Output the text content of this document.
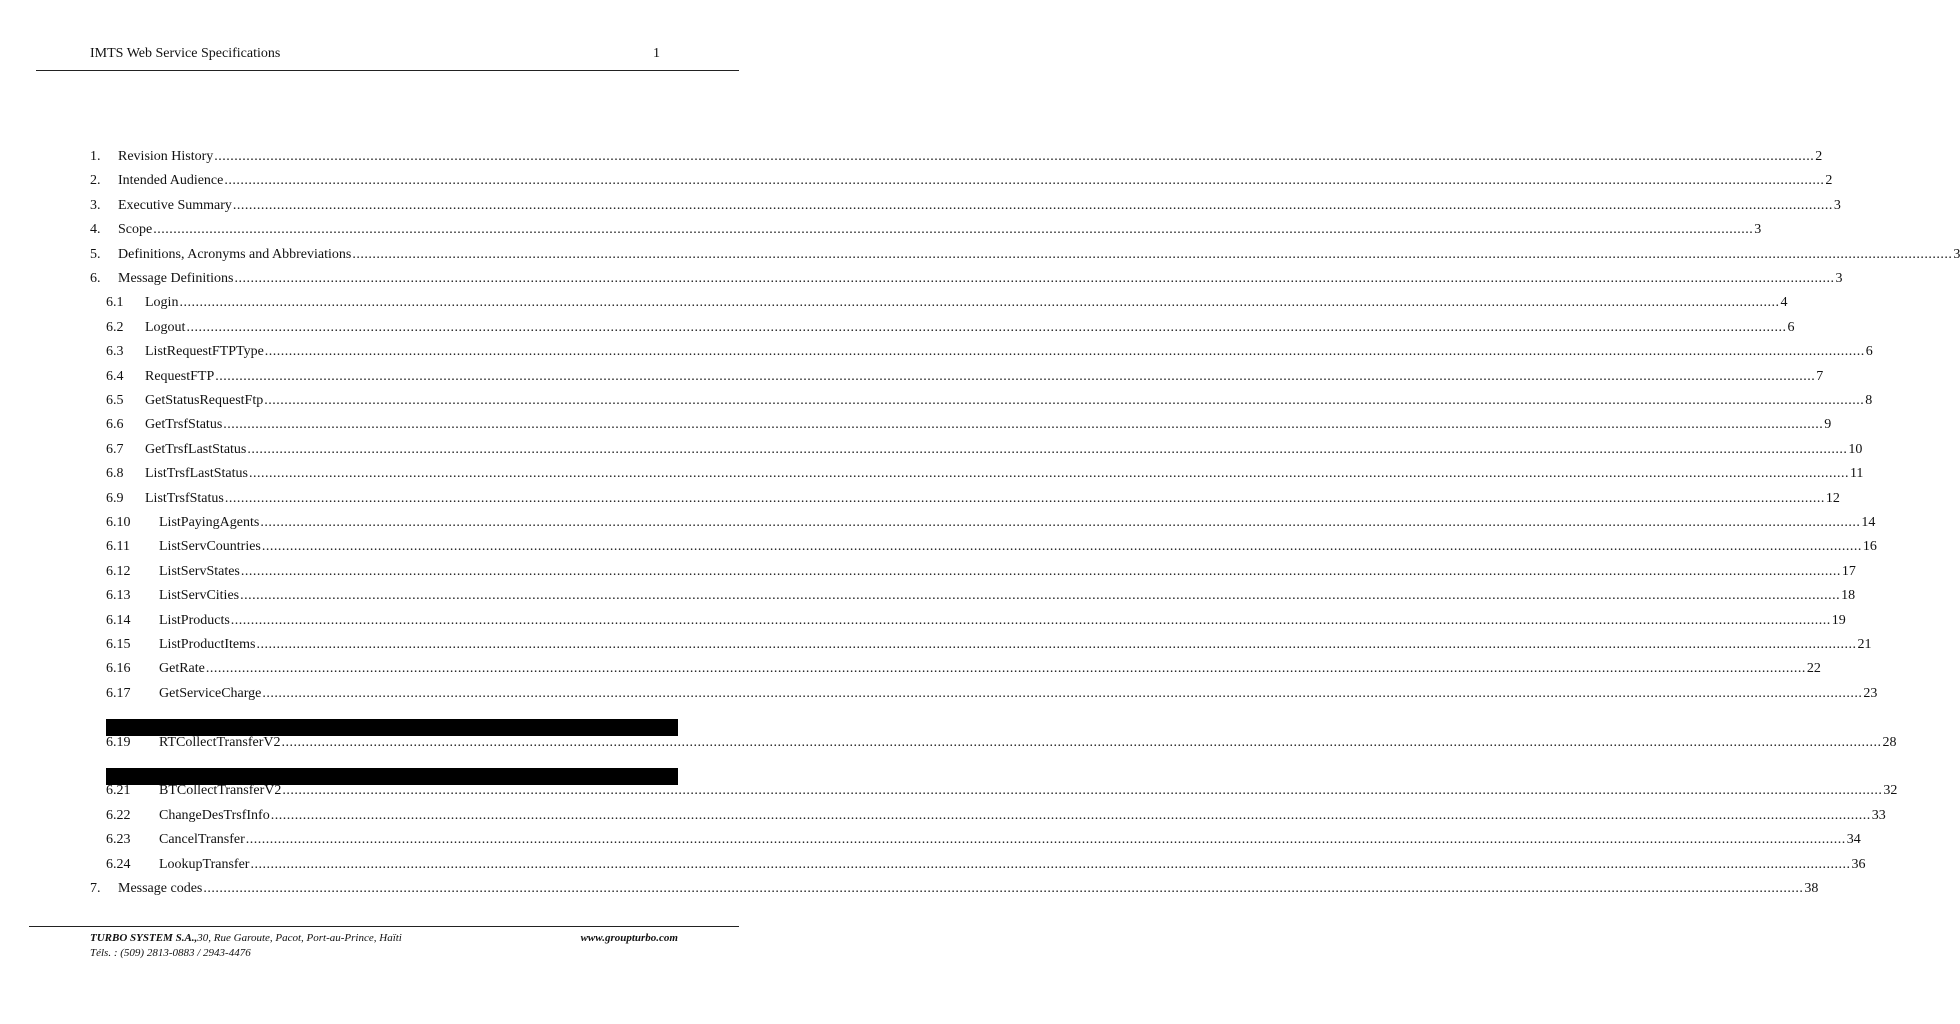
IMTS Web Service Specifications	1
1. Revision History ................................................................................................................................................................................................................................................................................................................................................................................................................ 2
2. Intended Audience ................................................................................................................................................................................................................................................................................................................................................................................................................ 2
3. Executive Summary ................................................................................................................................................................................................................................................................................................................................................................................................................ 3
4. Scope ................................................................................................................................................................................................................................................................................................................................................................................................................ 3
5. Definitions, Acronyms and Abbreviations ................................................................................................................................................................................................................................................................................................................................................................................................................ 3
6. Message Definitions ................................................................................................................................................................................................................................................................................................................................................................................................................ 3
6.1 Login ................................................................................................................................................................................................................................................................................................................................................................................................................ 4
6.2 Logout ................................................................................................................................................................................................................................................................................................................................................................................................................ 6
6.3 ListRequestFTPType ................................................................................................................................................................................................................................................................................................................................................................................................................ 6
6.4 RequestFTP ................................................................................................................................................................................................................................................................................................................................................................................................................ 7
6.5 GetStatusRequestFtp ................................................................................................................................................................................................................................................................................................................................................................................................................ 8
6.6 GetTrsfStatus ................................................................................................................................................................................................................................................................................................................................................................................................................ 9
6.7 GetTrsfLastStatus ................................................................................................................................................................................................................................................................................................................................................................................................................ 10
6.8 ListTrsfLastStatus ................................................................................................................................................................................................................................................................................................................................................................................................................ 11
6.9 ListTrsfStatus ................................................................................................................................................................................................................................................................................................................................................................................................................ 12
6.10 ListPayingAgents ................................................................................................................................................................................................................................................................................................................................................................................................................ 14
6.11 ListServCountries ................................................................................................................................................................................................................................................................................................................................................................................................................ 16
6.12 ListServStates ................................................................................................................................................................................................................................................................................................................................................................................................................ 17
6.13 ListServCities ................................................................................................................................................................................................................................................................................................................................................................................................................ 18
6.14 ListProducts ................................................................................................................................................................................................................................................................................................................................................................................................................ 19
6.15 ListProductItems ................................................................................................................................................................................................................................................................................................................................................................................................................ 21
6.16 GetRate ................................................................................................................................................................................................................................................................................................................................................................................................................ 22
6.17 GetServiceCharge ................................................................................................................................................................................................................................................................................................................................................................................................................ 23
6.19 RTCollectTransferV2 ................................................................................................................................................................................................................................................................................................................................................................................................................ 28
6.21 BTCollectTransferV2 ................................................................................................................................................................................................................................................................................................................................................................................................................ 32
6.22 ChangeDesTrsfInfo ................................................................................................................................................................................................................................................................................................................................................................................................................ 33
6.23 CancelTransfer ................................................................................................................................................................................................................................................................................................................................................................................................................ 34
6.24 LookupTransfer ................................................................................................................................................................................................................................................................................................................................................................................................................ 36
7. Message codes ................................................................................................................................................................................................................................................................................................................................................................................................................ 38
TURBO SYSTEM S.A.,30, Rue Garoute, Pacot, Port-au-Prince, Haïti
Téls. : (509) 2813-0883 / 2943-4476
www.groupturbo.com
